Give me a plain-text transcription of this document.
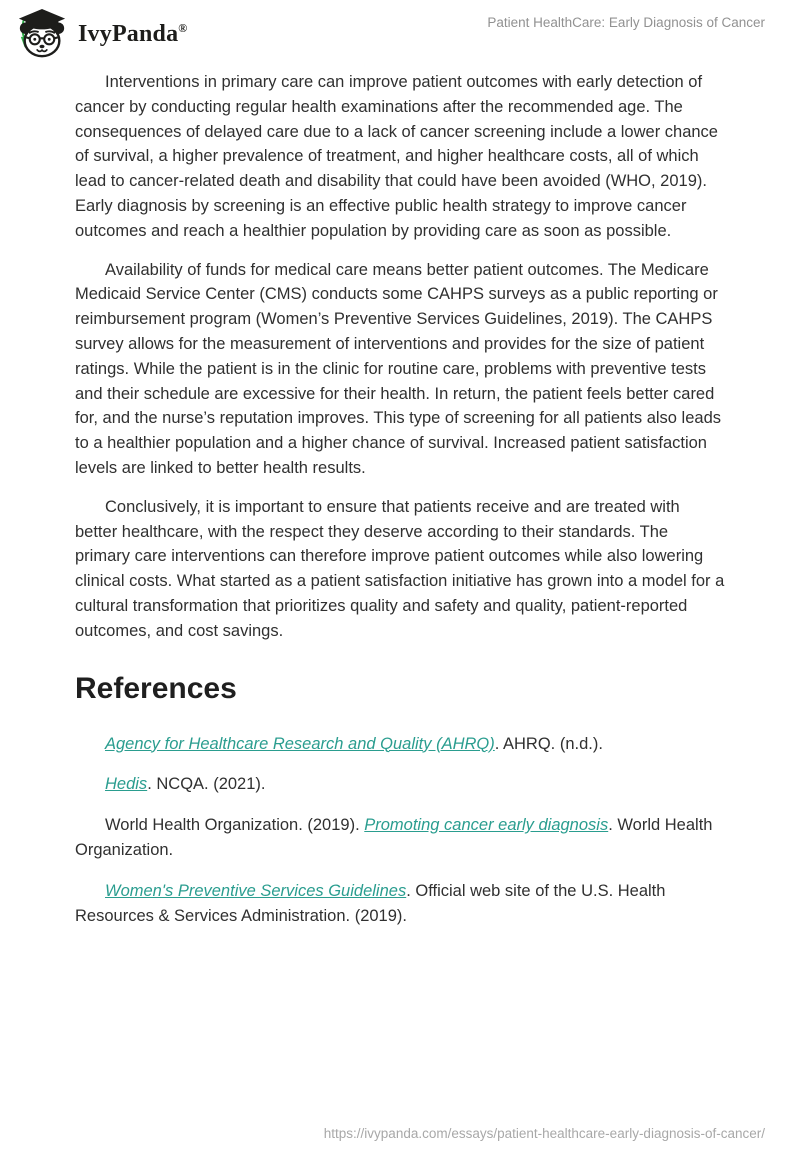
IvyPanda®	Patient HealthCare: Early Diagnosis of Cancer

Interventions in primary care can improve patient outcomes with early detection of cancer by conducting regular health examinations after the recommended age. The consequences of delayed care due to a lack of cancer screening include a lower chance of survival, a higher prevalence of treatment, and higher healthcare costs, all of which lead to cancer-related death and disability that could have been avoided (WHO, 2019). Early diagnosis by screening is an effective public health strategy to improve cancer outcomes and reach a healthier population by providing care as soon as possible.

Availability of funds for medical care means better patient outcomes. The Medicare Medicaid Service Center (CMS) conducts some CAHPS surveys as a public reporting or reimbursement program (Women’s Preventive Services Guidelines, 2019). The CAHPS survey allows for the measurement of interventions and provides for the size of patient ratings. While the patient is in the clinic for routine care, problems with preventive tests and their schedule are excessive for their health. In return, the patient feels better cared for, and the nurse’s reputation improves. This type of screening for all patients also leads to a healthier population and a higher chance of survival. Increased patient satisfaction levels are linked to better health results.

Conclusively, it is important to ensure that patients receive and are treated with better healthcare, with the respect they deserve according to their standards. The primary care interventions can therefore improve patient outcomes while also lowering clinical costs. What started as a patient satisfaction initiative has grown into a model for a cultural transformation that prioritizes quality and safety and quality, patient-reported outcomes, and cost savings.

References

Agency for Healthcare Research and Quality (AHRQ). AHRQ. (n.d.).

Hedis. NCQA. (2021).

World Health Organization. (2019). Promoting cancer early diagnosis. World Health Organization.

Women's Preventive Services Guidelines. Official web site of the U.S. Health Resources & Services Administration. (2019).

https://ivypanda.com/essays/patient-healthcare-early-diagnosis-of-cancer/
